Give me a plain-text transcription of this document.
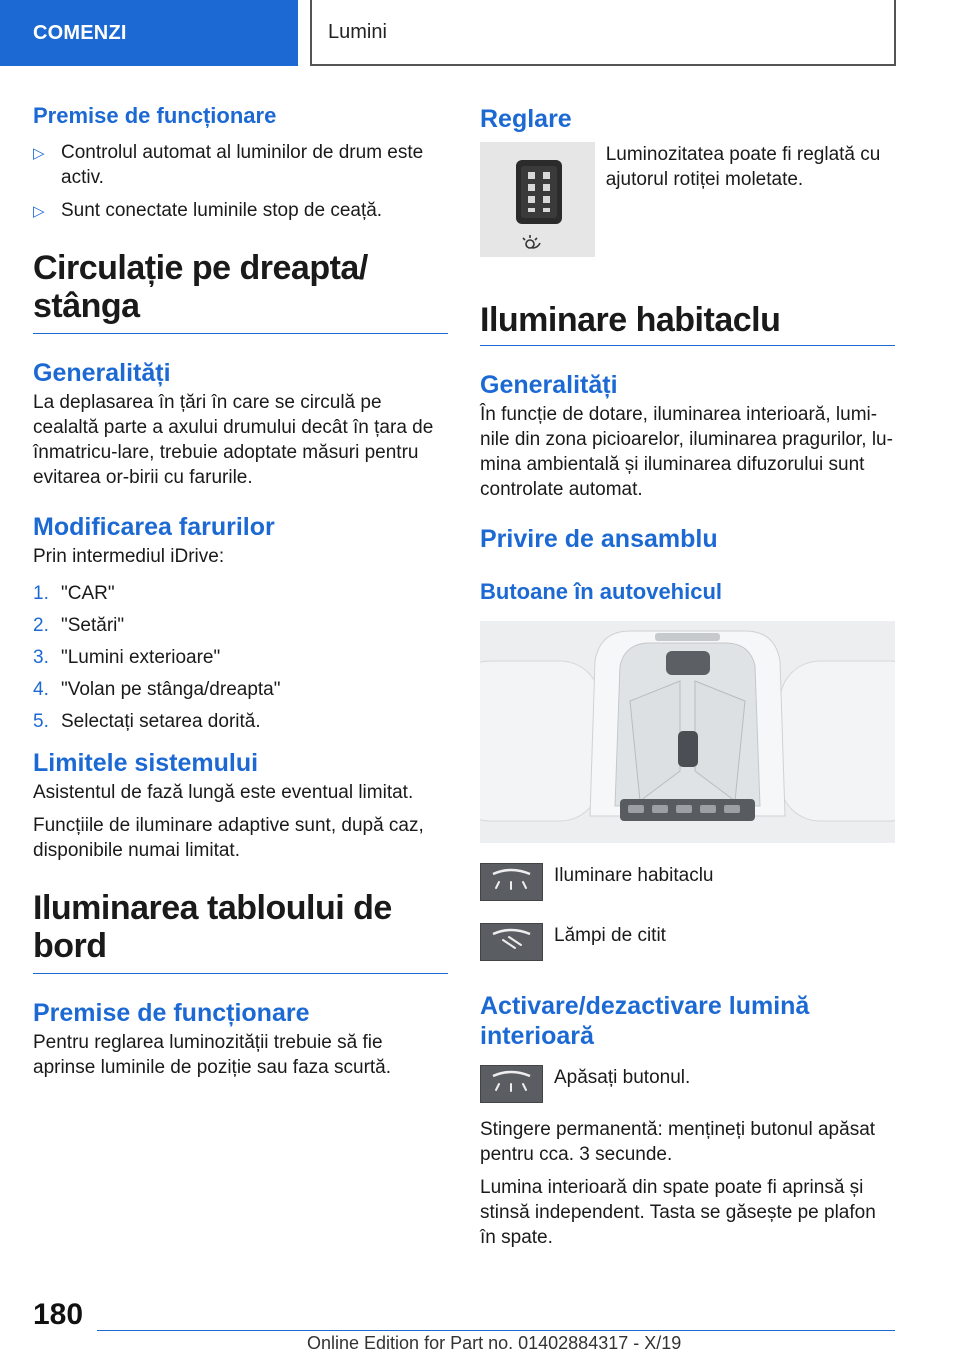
COMENZI	Lumini
Premise de funcționare
▷ Controlul automat al luminilor de drum este activ.
▷ Sunt conectate luminile stop de ceață.
Circulație pe dreapta/ stânga
Generalități

La deplasarea în țări în care se circulă pe cealaltă parte a axului drumului decât în țara de înmatricu-lare, trebuie adoptate măsuri pentru evitarea or-birii cu farurile.

Modificarea farurilor

Prin intermediul iDrive:

1. "CAR"
2. "Setări"
3. "Lumini exterioare"
4. "Volan pe stânga/dreapta"
5. Selectați setarea dorită.
Limitele sistemului

Asistentul de fază lungă este eventual limitat.

Funcțiile de iluminare adaptive sunt, după caz, disponibile numai limitat.

Iluminarea tabloului de bord
Premise de funcționare

Pentru reglarea luminozității trebuie să fie aprinse luminile de poziție sau faza scurtă.

Reglare

Luminozitatea poate fi reglată cu ajutorul rotiței moletate.

Iluminare habitaclu
Generalități

În funcție de dotare, iluminarea interioară, lumi-nile din zona picioarelor, iluminarea pragurilor, lu-mina ambientală și iluminarea difuzorului sunt controlate automat.

Privire de ansamblu
Butoane în autovehicul

Iluminare habitaclu

Lămpi de citit

Activare/dezactivare lumină interioară

Apăsați butonul.

Stingere permanentă: mențineți butonul apăsat pentru cca. 3 secunde.

Lumina interioară din spate poate fi aprinsă și stinsă independent. Tasta se găsește pe plafon în spate.

180
Online Edition for Part no. 01402884317 - X/19
